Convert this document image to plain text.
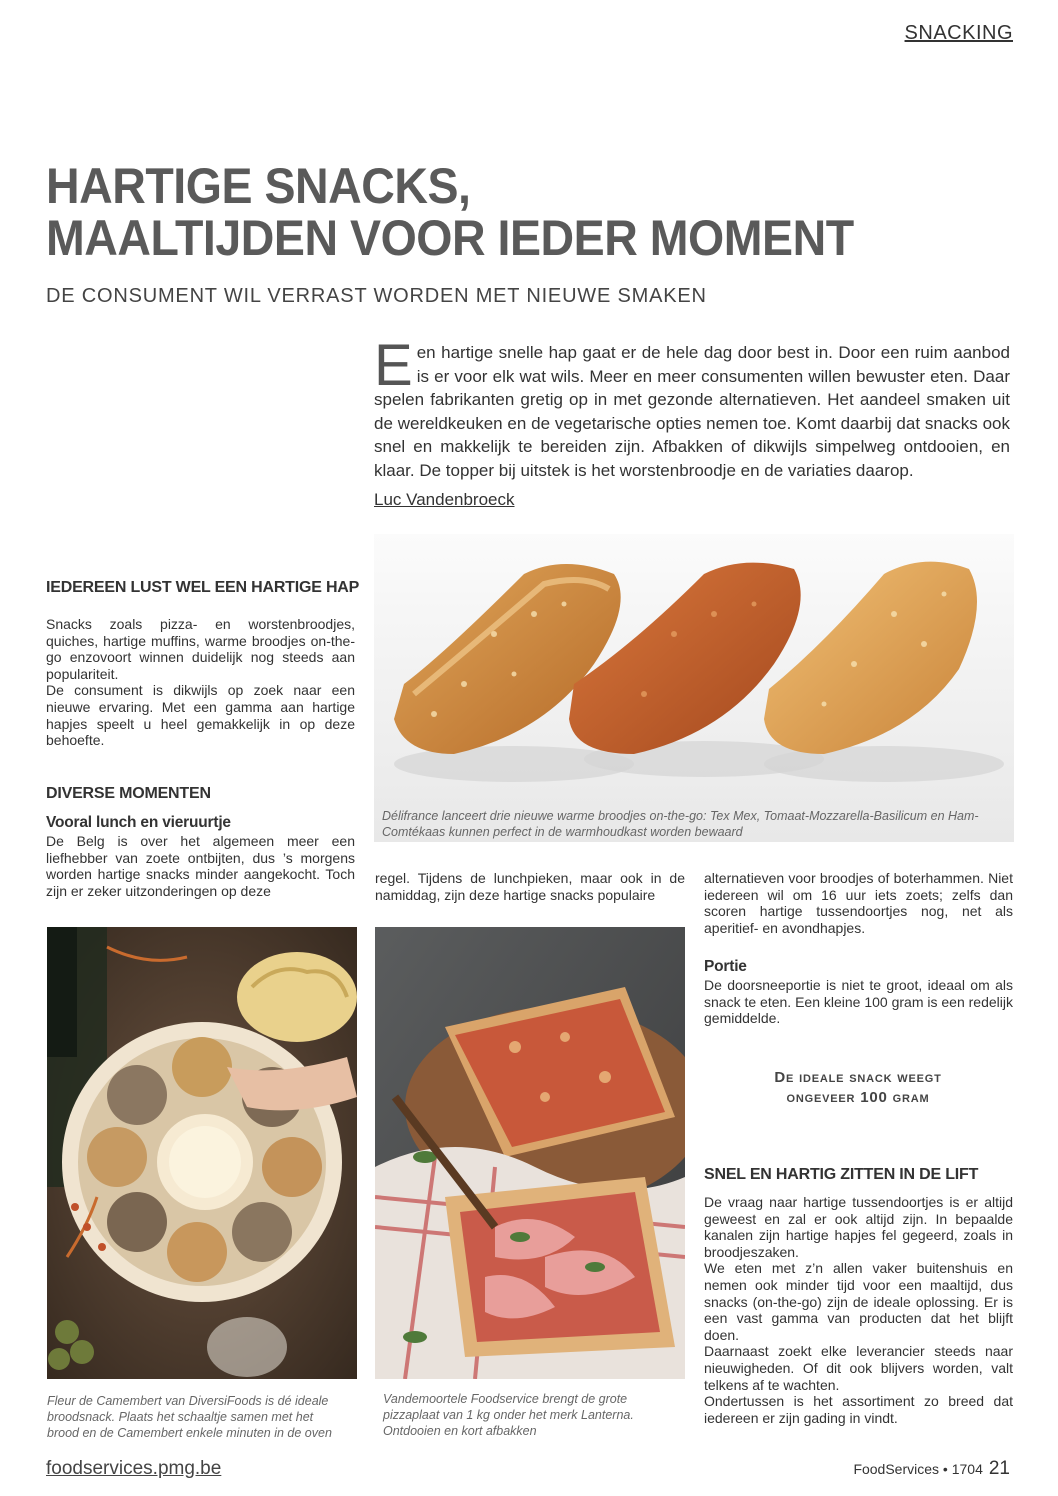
SNACKING
HARTIGE SNACKS,
MAALTIJDEN VOOR IEDER MOMENT
DE CONSUMENT WIL VERRAST WORDEN MET NIEUWE SMAKEN

Een hartige snelle hap gaat er de hele dag door best in. Door een ruim aanbod is er voor elk wat wils. Meer en meer consumenten willen bewuster eten. Daar spelen fabrikanten gretig op in met gezonde alternatieven. Het aandeel smaken uit de wereldkeuken en de vegetarische opties nemen toe. Komt daarbij dat snacks ook snel en makkelijk te bereiden zijn. Afbakken of dikwijls simpelweg ontdooien, en klaar. De topper bij uitstek is het worstenbroodje en de variaties daarop.

Luc Vandenbroeck

Délifrance lanceert drie nieuwe warme broodjes on-the-go: Tex Mex, Tomaat-Mozzarella-Basilicum en Ham-Comtékaas kunnen perfect in de warmhoudkast worden bewaard

IEDEREEN LUST WEL EEN HARTIGE HAP

Snacks zoals pizza- en worstenbroodjes, quiches, hartige muffins, warme broodjes on-the-go enzovoort winnen duidelijk nog steeds aan populariteit.

De consument is dikwijls op zoek naar een nieuwe ervaring. Met een gamma aan hartige hapjes speelt u heel gemakkelijk in op deze behoefte.

DIVERSE MOMENTEN
Vooral lunch en vieruurtje

De Belg is over het algemeen meer een liefhebber van zoete ontbijten, dus ’s morgens worden hartige snacks minder aangekocht. Toch zijn er zeker uitzonderingen op deze

regel. Tijdens de lunchpieken, maar ook in de namiddag, zijn deze hartige snacks populaire

alternatieven voor broodjes of boterhammen. Niet iedereen wil om 16 uur iets zoets; zelfs dan scoren hartige tussendoortjes nog, net als aperitief- en avondhapjes.

Portie

De doorsneeportie is niet te groot, ideaal om als snack te eten. Een kleine 100 gram is een redelijk gemiddelde.

De ideale snack weegt
ongeveer 100 gram
SNEL EN HARTIG ZITTEN IN DE LIFT

De vraag naar hartige tussendoortjes is er altijd geweest en zal er ook altijd zijn. In bepaalde kanalen zijn hartige hapjes fel gegeerd, zoals in broodjeszaken.

We eten met z’n allen vaker buitenshuis en nemen ook minder tijd voor een maaltijd, dus snacks (on-the-go) zijn de ideale oplossing. Er is een vast gamma van producten dat het blijft doen.

Daarnaast zoekt elke leverancier steeds naar nieuwigheden. Of dit ook blijvers worden, valt telkens af te wachten.

Ondertussen is het assortiment zo breed dat iedereen er zijn gading in vindt.

Fleur de Camembert van DiversiFoods is dé ideale broodsnack. Plaats het schaaltje samen met het brood en de Camembert enkele minuten in de oven

Vandemoortele Foodservice brengt de grote pizzaplaat van 1 kg onder het merk Lanterna. Ontdooien en kort afbakken

foodservices.pmg.be	FoodServices • 1704 21
